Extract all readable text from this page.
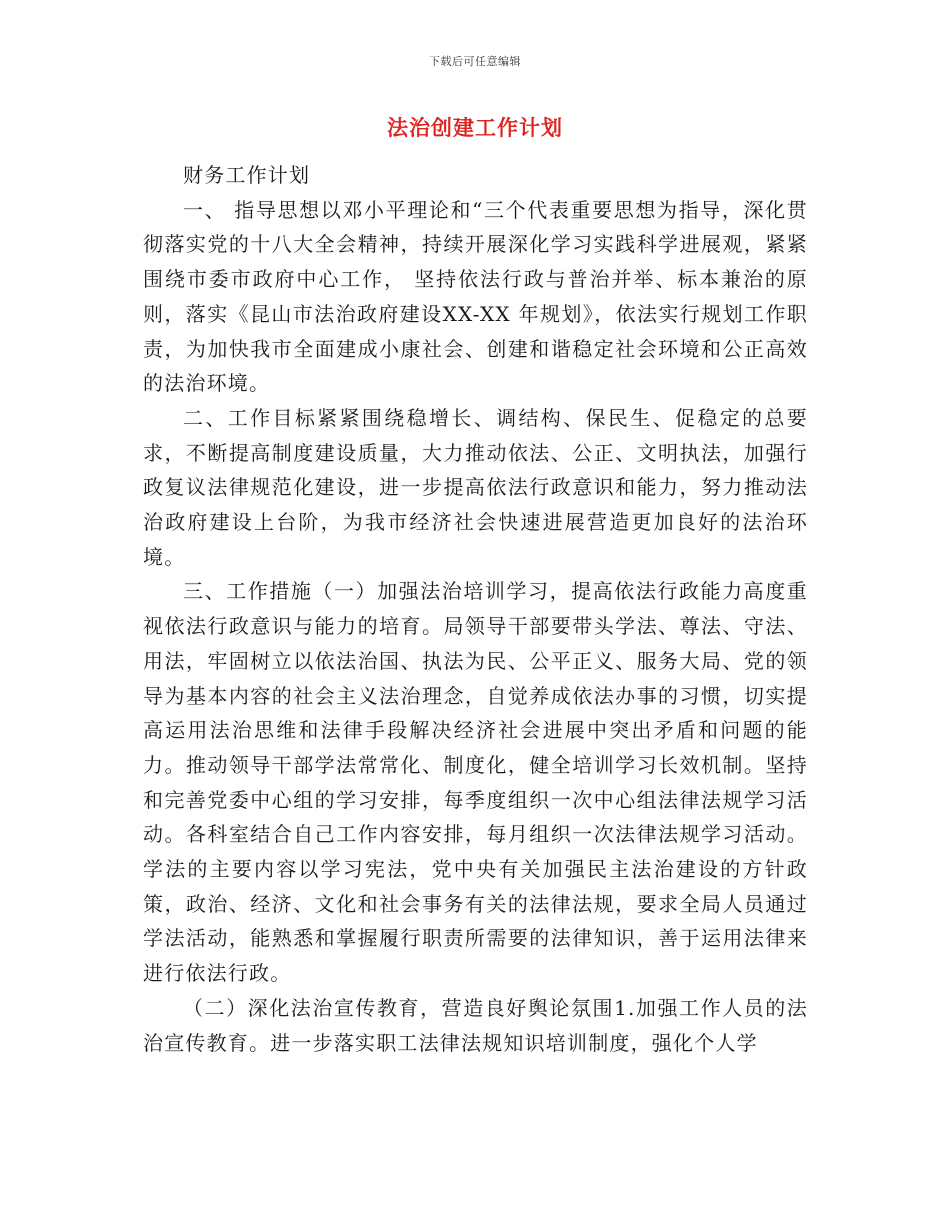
下载后可任意编辑
法治创建工作计划

财务工作计划

一、 指导思想以邓小平理论和“三个代表重要思想为指导，深化贯彻落实党的十八大全会精神，持续开展深化学习实践科学进展观，紧紧围绕市委市政府中心工作， 坚持依法行政与普治并举、标本兼治的原则，落实《昆山市法治政府建设XX-XX 年规划》，依法实行规划工作职责，为加快我市全面建成小康社会、创建和谐稳定社会环境和公正高效的法治环境。

二、工作目标紧紧围绕稳增长、调结构、保民生、促稳定的总要求，不断提高制度建设质量，大力推动依法、公正、文明执法，加强行政复议法律规范化建设，进一步提高依法行政意识和能力，努力推动法治政府建设上台阶，为我市经济社会快速进展营造更加良好的法治环境。

三、工作措施（一）加强法治培训学习，提高依法行政能力高度重视依法行政意识与能力的培育。局领导干部要带头学法、尊法、守法、用法，牢固树立以依法治国、执法为民、公平正义、服务大局、党的领导为基本内容的社会主义法治理念，自觉养成依法办事的习惯，切实提高运用法治思维和法律手段解决经济社会进展中突出矛盾和问题的能力。推动领导干部学法常常化、制度化，健全培训学习长效机制。坚持和完善党委中心组的学习安排，每季度组织一次中心组法律法规学习活动。各科室结合自己工作内容安排，每月组织一次法律法规学习活动。学法的主要内容以学习宪法，党中央有关加强民主法治建设的方针政策，政治、经济、文化和社会事务有关的法律法规，要求全局人员通过学法活动，能熟悉和掌握履行职责所需要的法律知识，善于运用法律来进行依法行政。

（二）深化法治宣传教育，营造良好舆论氛围1.加强工作人员的法治宣传教育。进一步落实职工法律法规知识培训制度，强化个人学
